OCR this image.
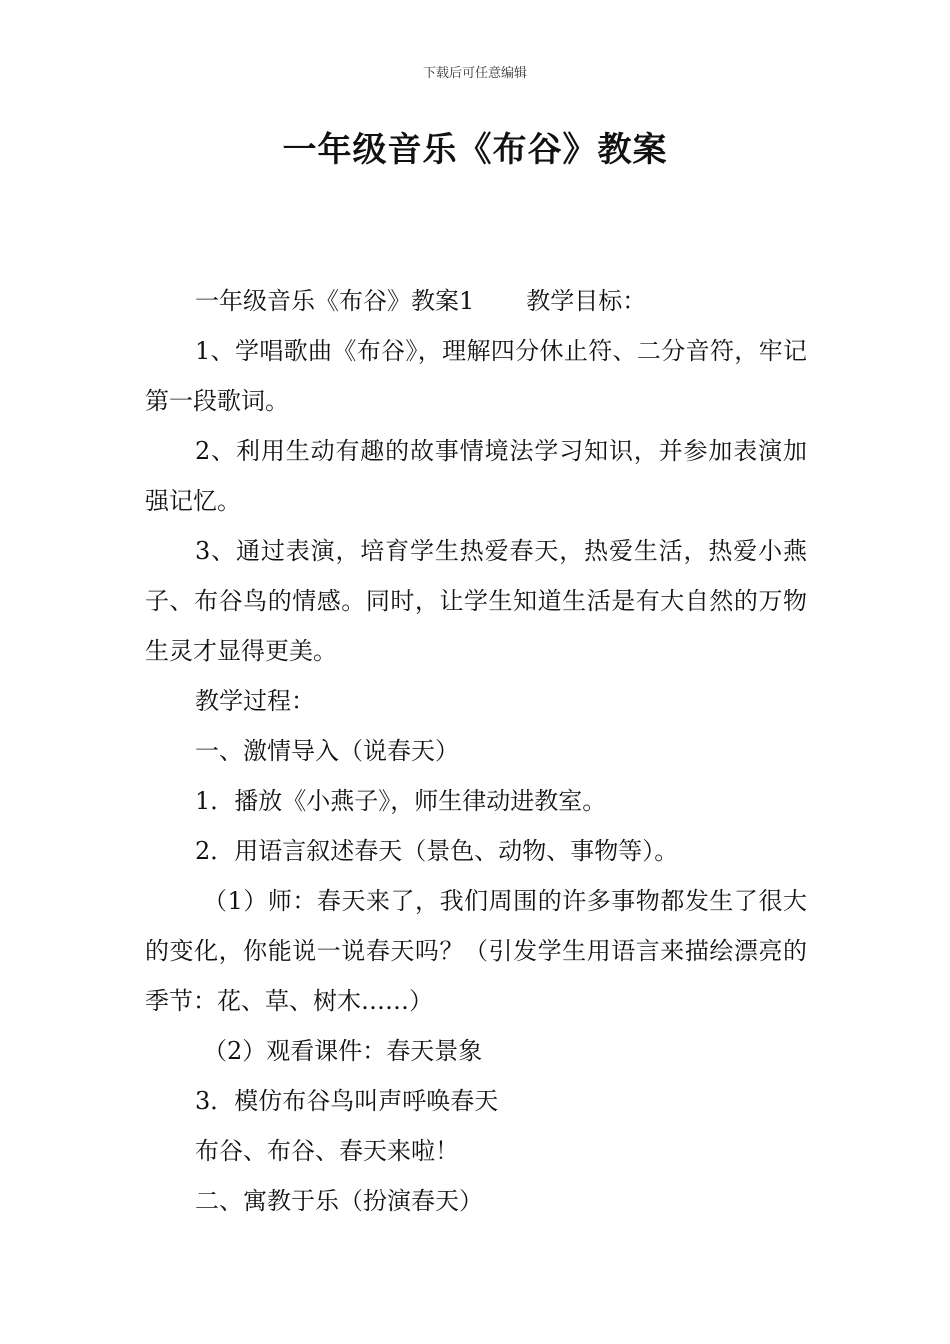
下载后可任意编辑
一年级音乐《布谷》教案

一年级音乐《布谷》教案1 教学目标：

1、学唱歌曲《布谷》，理解四分休止符、二分音符，牢记第一段歌词。

2、利用生动有趣的故事情境法学习知识，并参加表演加强记忆。

3、通过表演，培育学生热爱春天，热爱生活，热爱小燕子、布谷鸟的情感。同时，让学生知道生活是有大自然的万物生灵才显得更美。

教学过程：

一、激情导入（说春天）

1．播放《小燕子》，师生律动进教室。

2．用语言叙述春天（景色、动物、事物等）。

（1）师：春天来了，我们周围的许多事物都发生了很大的变化，你能说一说春天吗？（引发学生用语言来描绘漂亮的季节：花、草、树木……）

（2）观看课件：春天景象

3．模仿布谷鸟叫声呼唤春天

布谷、布谷、春天来啦！

二、寓教于乐（扮演春天）
